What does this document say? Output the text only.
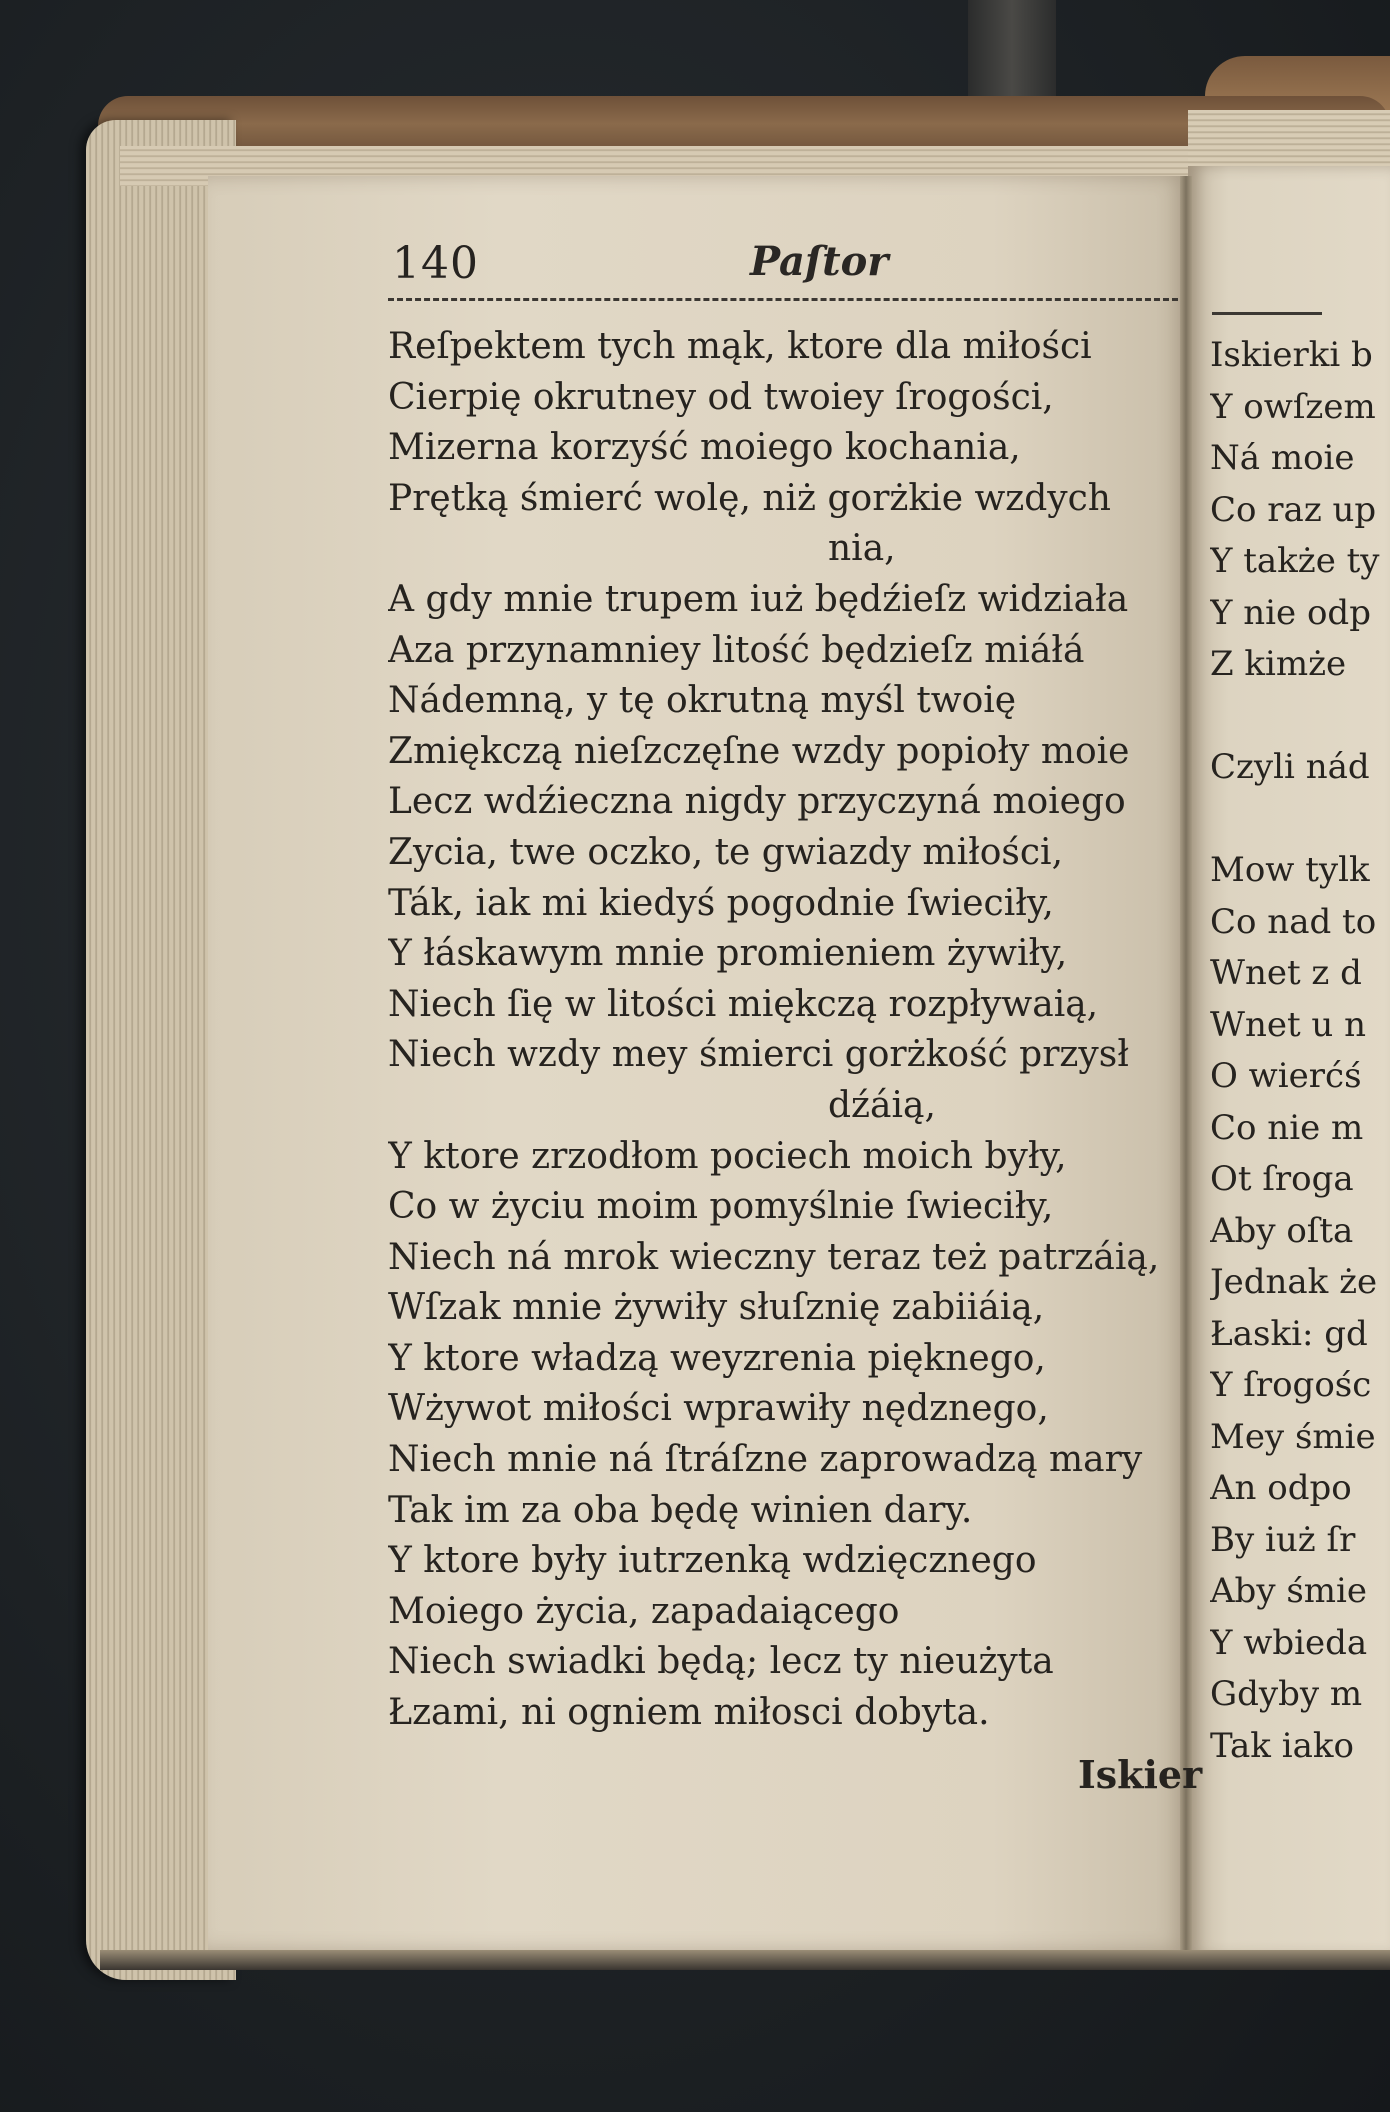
140	Paſtor
Reſpektem tych mąk, ktore dla miłości
Cierpię okrutney od twoiey ſrogości,
Mizerna korzyść moiego kochania,
Prętką śmierć wolę, niż gorżkie wzdych
nia,
A gdy mnie trupem iuż będźieſz widziała
Aza przynamniey litość będzieſz miáłá
Nádemną, y tę okrutną myśl twoię
Zmiękczą nieſzczęſne wzdy popioły moie
Lecz wdźieczna nigdy przyczyná moiego
Zycia, twe oczko, te gwiazdy miłości,
Ták, iak mi kiedyś pogodnie ſwieciły,
Y łáskawym mnie promieniem żywiły,
Niech ſię w litości miękczą rozpływaią,
Niech wzdy mey śmierci gorżkość przysł
dźáią,
Y ktore zrzodłom pociech moich były,
Co w życiu moim pomyślnie ſwieciły,
Niech ná mrok wieczny teraz też patrzáią,
Wſzak mnie żywiły słuſznię zabiiáią,
Y ktore władzą weyzrenia pięknego,
Wżywot miłości wprawiły nędznego,
Niech mnie ná ſtráſzne zaprowadzą mary
Tak im za oba będę winien dary.
Y ktore były iutrzenką wdzięcznego
Moiego życia, zapadaiącego
Niech swiadki będą; lecz ty nieużyta
Łzami, ni ogniem miłosci dobyta.
Iskier
Iskierki b
Y owſzem
Ná moie
Co raz up
Y także ty
Y nie odp
Z kimże
Czyli nád
Mow tylk
Co nad to
Wnet z d
Wnet u n
O wierćś
Co nie m
Ot ſroga
Aby oſta
Jednak że
Łaski: gd
Y ſrogośc
Mey śmie
An odpo
By iuż ſr
Aby śmie
Y wbieda
Gdyby m
Tak iako
